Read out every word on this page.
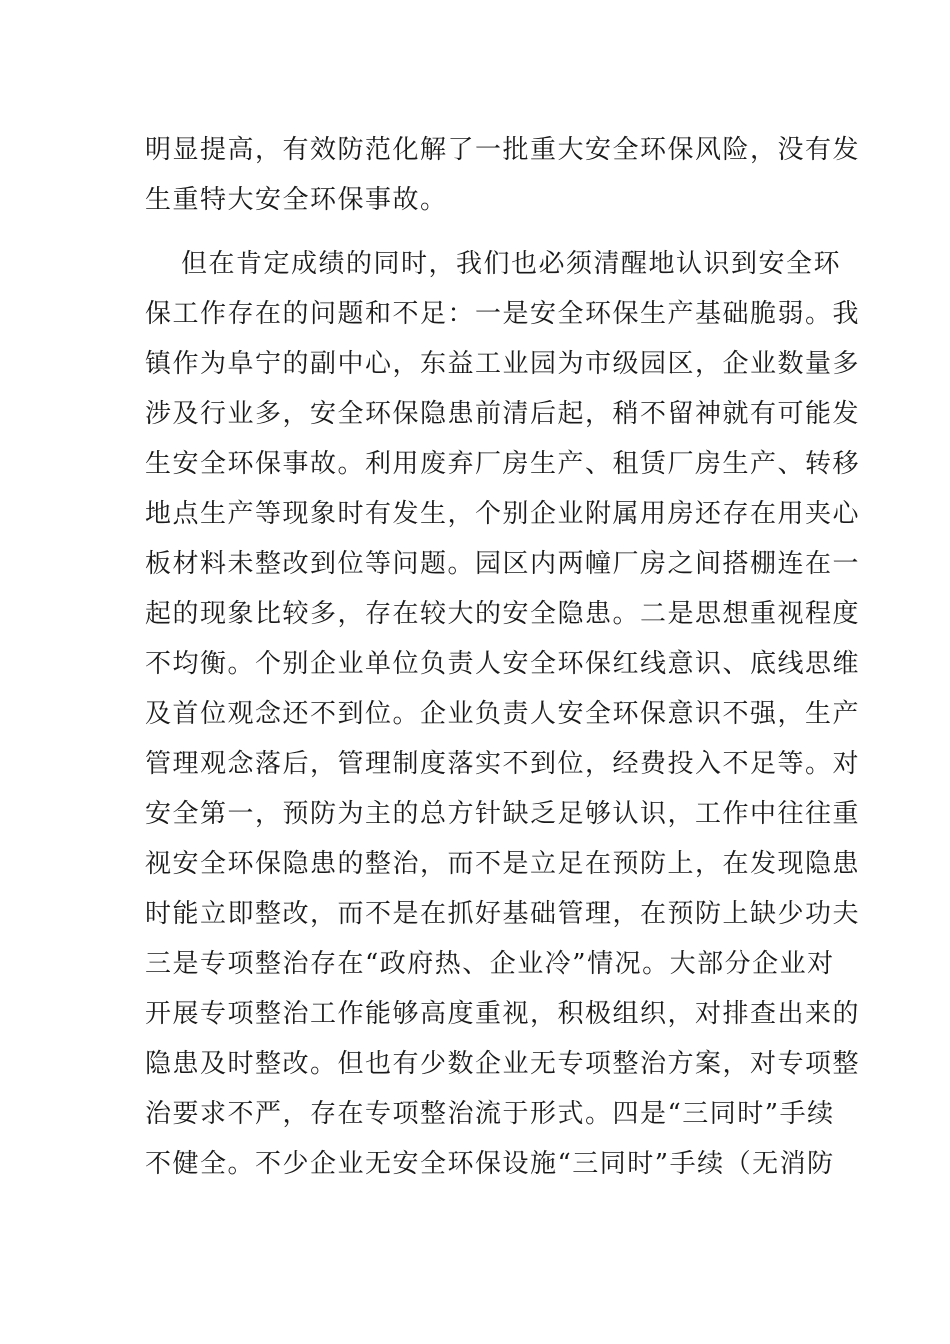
明显提高，有效防范化解了一批重大安全环保风险，没有发
生重特大安全环保事故。
但在肯定成绩的同时，我们也必须清醒地认识到安全环
保工作存在的问题和不足：一是安全环保生产基础脆弱。我
镇作为阜宁的副中心，东益工业园为市级园区，企业数量多
涉及行业多，安全环保隐患前清后起，稍不留神就有可能发
生安全环保事故。利用废弃厂房生产、租赁厂房生产、转移
地点生产等现象时有发生，个别企业附属用房还存在用夹心
板材料未整改到位等问题。园区内两幢厂房之间搭棚连在一
起的现象比较多，存在较大的安全隐患。二是思想重视程度
不均衡。个别企业单位负责人安全环保红线意识、底线思维
及首位观念还不到位。企业负责人安全环保意识不强，生产
管理观念落后，管理制度落实不到位，经费投入不足等。对
安全第一，预防为主的总方针缺乏足够认识，工作中往往重
视安全环保隐患的整治，而不是立足在预防上，在发现隐患
时能立即整改，而不是在抓好基础管理，在预防上缺少功夫
三是专项整治存在“政府热、企业冷”情况。大部分企业对
开展专项整治工作能够高度重视，积极组织，对排查出来的
隐患及时整改。但也有少数企业无专项整治方案，对专项整
治要求不严，存在专项整治流于形式。四是“三同时”手续
不健全。不少企业无安全环保设施“三同时”手续（无消防
